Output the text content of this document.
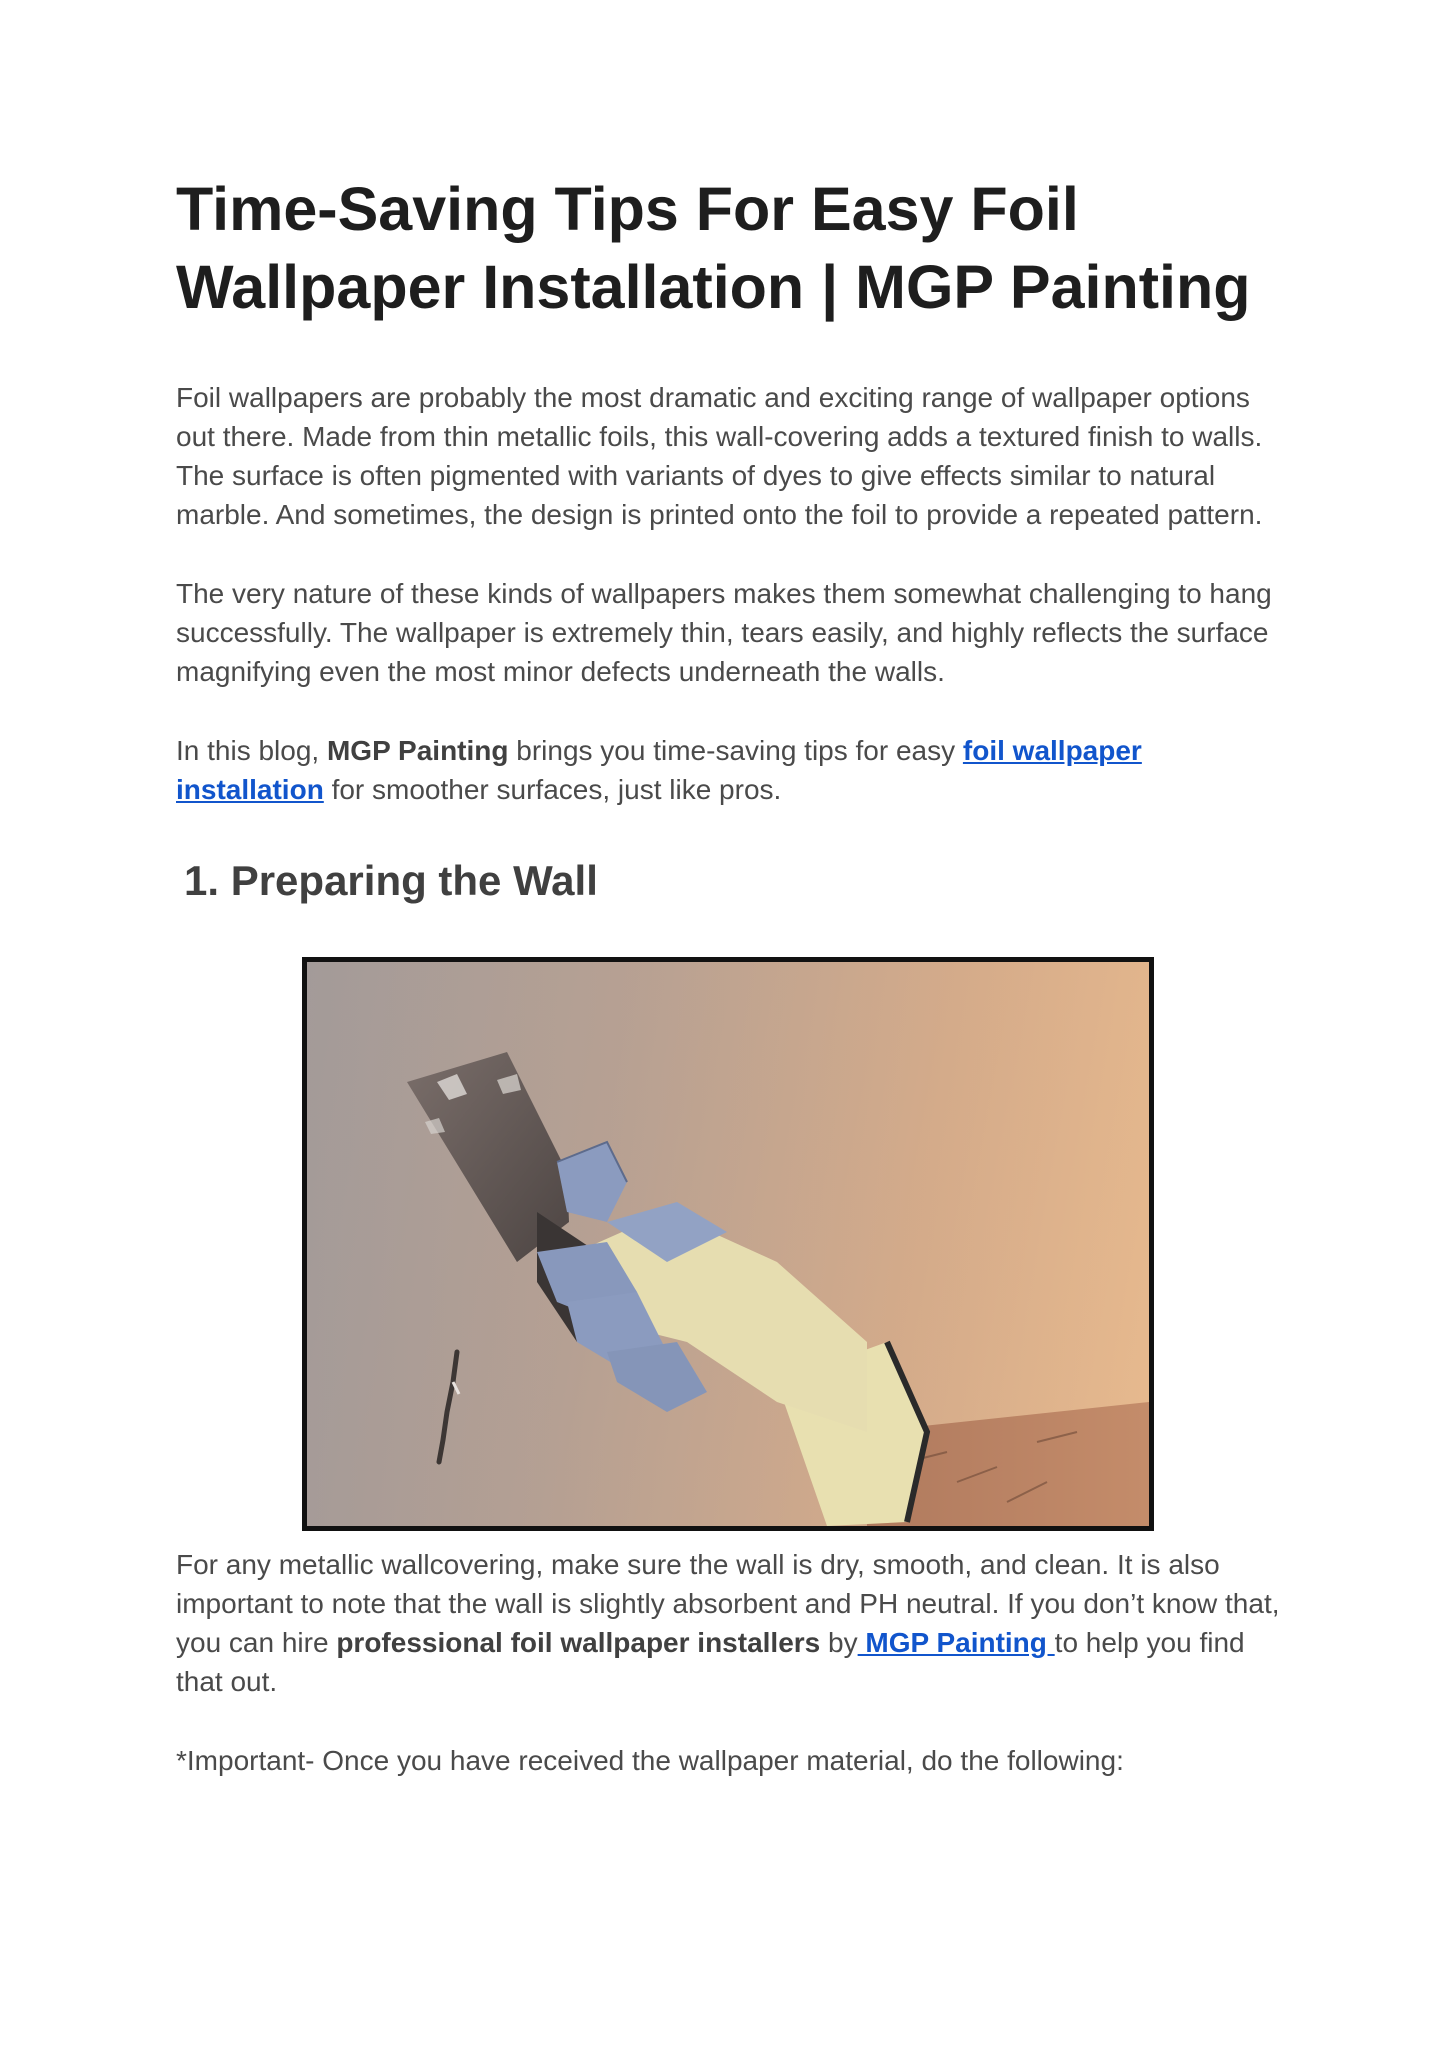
Time-Saving Tips For Easy Foil Wallpaper Installation | MGP Painting

Foil wallpapers are probably the most dramatic and exciting range of wallpaper options out there. Made from thin metallic foils, this wall-covering adds a textured finish to walls. The surface is often pigmented with variants of dyes to give effects similar to natural marble. And sometimes, the design is printed onto the foil to provide a repeated pattern.

The very nature of these kinds of wallpapers makes them somewhat challenging to hang successfully. The wallpaper is extremely thin, tears easily, and highly reflects the surface magnifying even the most minor defects underneath the walls.

In this blog, MGP Painting brings you time-saving tips for easy foil wallpaper installation for smoother surfaces, just like pros.

1. Preparing the Wall

For any metallic wallcovering, make sure the wall is dry, smooth, and clean. It is also important to note that the wall is slightly absorbent and PH neutral. If you don’t know that, you can hire professional foil wallpaper installers by MGP Painting to help you find that out.

*Important- Once you have received the wallpaper material, do the following:
